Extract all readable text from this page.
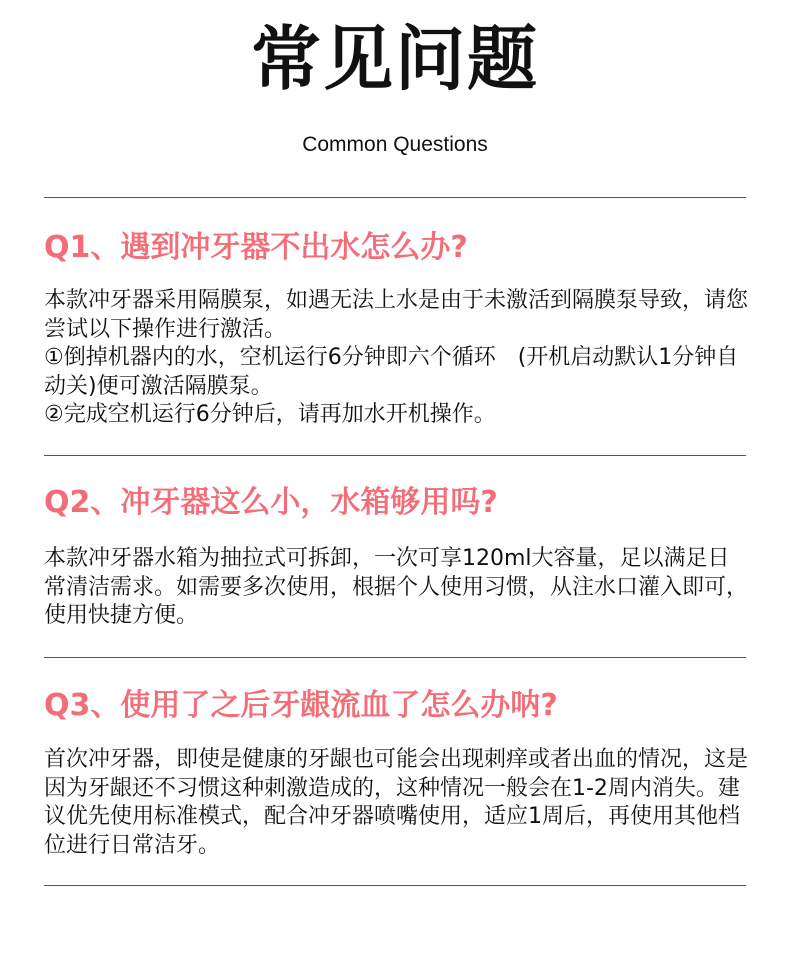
常见问题
Common Questions
Q1、遇到冲牙器不出水怎么办?

本款冲牙器采用隔膜泵，如遇无法上水是由于未激活到隔膜泵导致，请您尝试以下操作进行激活。

①倒掉机器内的水，空机运行6分钟即六个循环　(开机启动默认1分钟自动关)便可激活隔膜泵。

②完成空机运行6分钟后，请再加水开机操作。

Q2、冲牙器这么小，水箱够用吗?

本款冲牙器水箱为抽拉式可拆卸，一次可享120ml大容量，足以满足日常清洁需求。如需要多次使用，根据个人使用习惯，从注水口灌入即可，使用快捷方便。

Q3、使用了之后牙龈流血了怎么办呐?

首次冲牙器，即使是健康的牙龈也可能会出现刺痒或者出血的情况，这是因为牙龈还不习惯这种刺激造成的，这种情况一般会在1-2周内消失。建议优先使用标准模式，配合冲牙器喷嘴使用，适应1周后，再使用其他档位进行日常洁牙。
